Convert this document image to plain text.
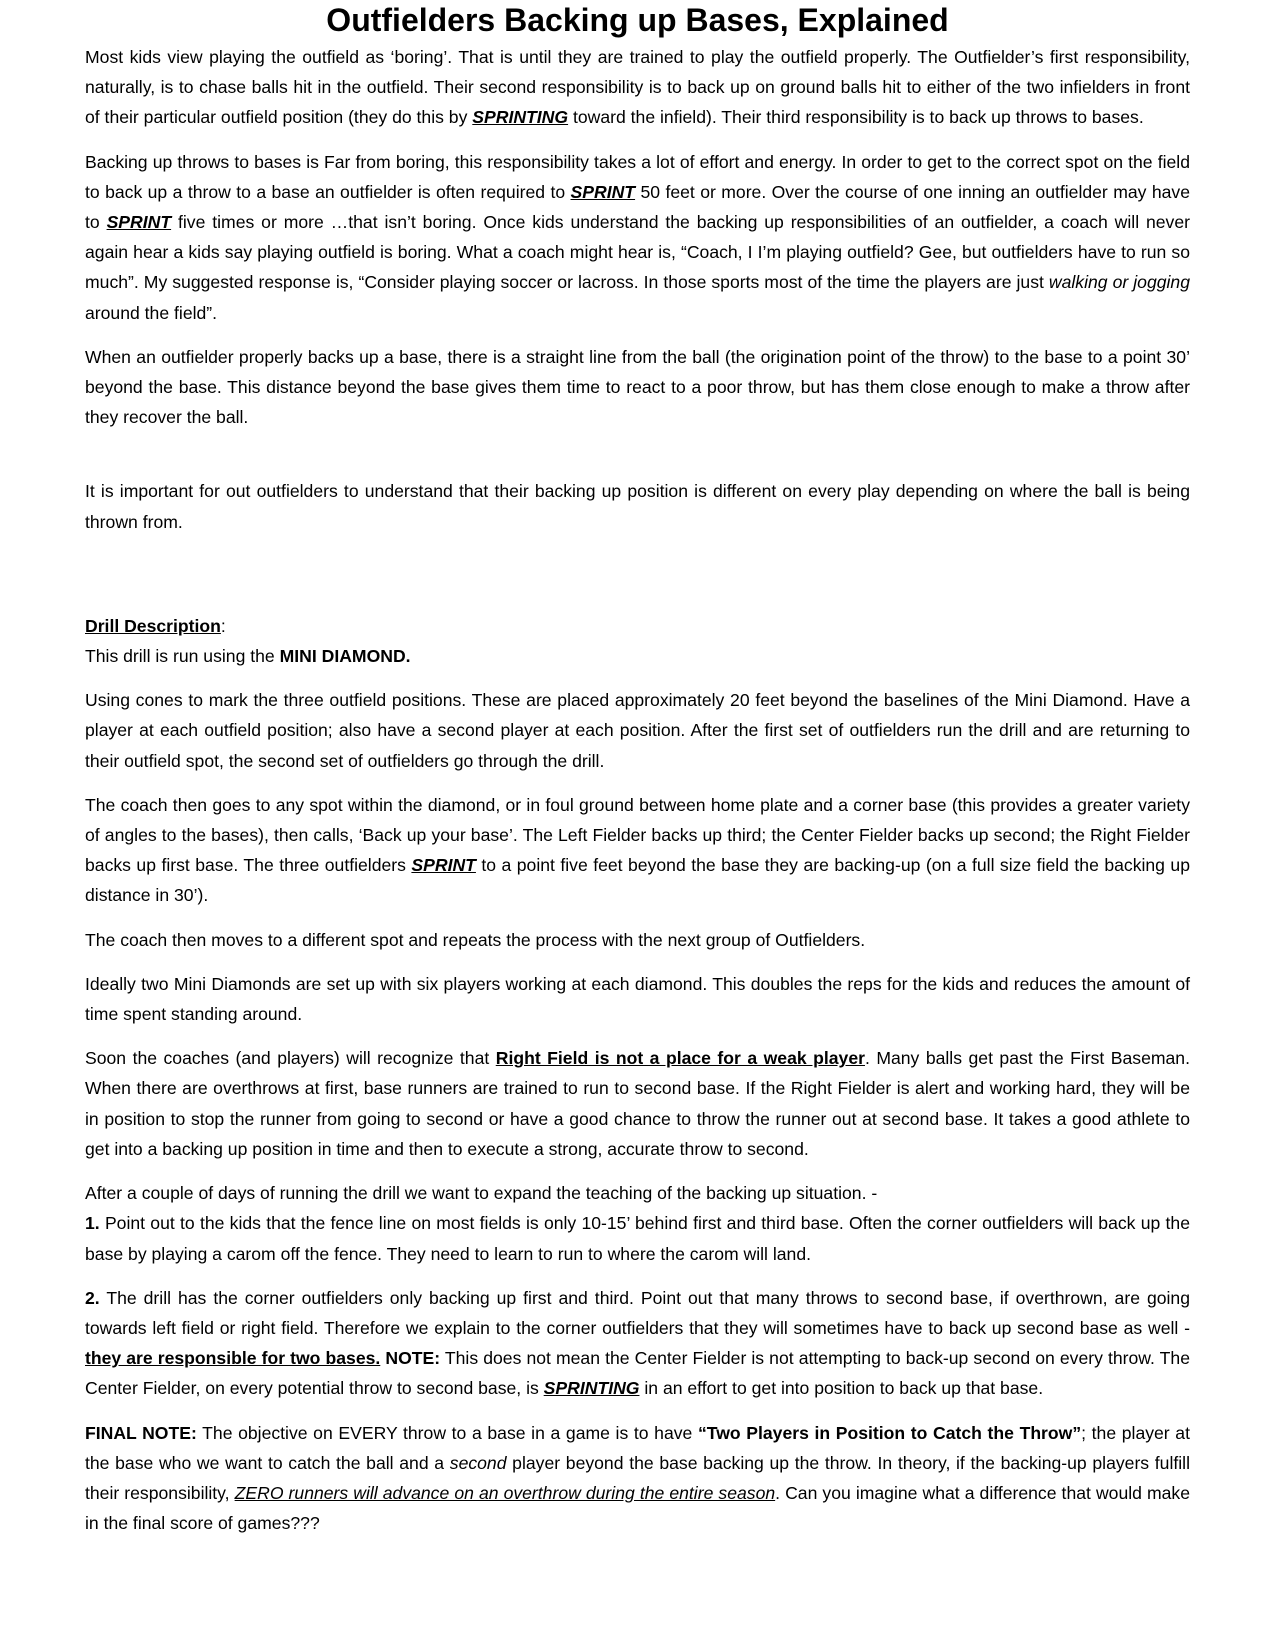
Outfielders Backing up Bases, Explained

Most kids view playing the outfield as ‘boring’. That is until they are trained to play the outfield properly. The Outfielder’s first responsibility, naturally, is to chase balls hit in the outfield. Their second responsibility is to back up on ground balls hit to either of the two infielders in front of their particular outfield position (they do this by SPRINTING toward the infield). Their third responsibility is to back up throws to bases.

Backing up throws to bases is Far from boring, this responsibility takes a lot of effort and energy. In order to get to the correct spot on the field to back up a throw to a base an outfielder is often required to SPRINT 50 feet or more. Over the course of one inning an outfielder may have to SPRINT five times or more …that isn’t boring. Once kids understand the backing up responsibilities of an outfielder, a coach will never again hear a kids say playing outfield is boring. What a coach might hear is, “Coach, I I’m playing outfield? Gee, but outfielders have to run so much”. My suggested response is, “Consider playing soccer or lacross. In those sports most of the time the players are just walking or jogging around the field”.

When an outfielder properly backs up a base, there is a straight line from the ball (the origination point of the throw) to the base to a point 30’ beyond the base. This distance beyond the base gives them time to react to a poor throw, but has them close enough to make a throw after they recover the ball.

It is important for out outfielders to understand that their backing up position is different on every play depending on where the ball is being thrown from.

Drill Description:

This drill is run using the MINI DIAMOND.

Using cones to mark the three outfield positions. These are placed approximately 20 feet beyond the baselines of the Mini Diamond. Have a player at each outfield position; also have a second player at each position. After the first set of outfielders run the drill and are returning to their outfield spot, the second set of outfielders go through the drill.

The coach then goes to any spot within the diamond, or in foul ground between home plate and a corner base (this provides a greater variety of angles to the bases), then calls, ‘Back up your base’. The Left Fielder backs up third; the Center Fielder backs up second; the Right Fielder backs up first base. The three outfielders SPRINT to a point five feet beyond the base they are backing-up (on a full size field the backing up distance in 30’).

The coach then moves to a different spot and repeats the process with the next group of Outfielders.

Ideally two Mini Diamonds are set up with six players working at each diamond. This doubles the reps for the kids and reduces the amount of time spent standing around.

Soon the coaches (and players) will recognize that Right Field is not a place for a weak player. Many balls get past the First Baseman. When there are overthrows at first, base runners are trained to run to second base. If the Right Fielder is alert and working hard, they will be in position to stop the runner from going to second or have a good chance to throw the runner out at second base. It takes a good athlete to get into a backing up position in time and then to execute a strong, accurate throw to second.

After a couple of days of running the drill we want to expand the teaching of the backing up situation. -

1. Point out to the kids that the fence line on most fields is only 10-15’ behind first and third base. Often the corner outfielders will back up the base by playing a carom off the fence. They need to learn to run to where the carom will land.

2. The drill has the corner outfielders only backing up first and third. Point out that many throws to second base, if overthrown, are going towards left field or right field. Therefore we explain to the corner outfielders that they will sometimes have to back up second base as well - they are responsible for two bases. NOTE: This does not mean the Center Fielder is not attempting to back-up second on every throw. The Center Fielder, on every potential throw to second base, is SPRINTING in an effort to get into position to back up that base.

FINAL NOTE: The objective on EVERY throw to a base in a game is to have “Two Players in Position to Catch the Throw”; the player at the base who we want to catch the ball and a second player beyond the base backing up the throw. In theory, if the backing-up players fulfill their responsibility, ZERO runners will advance on an overthrow during the entire season. Can you imagine what a difference that would make in the final score of games???
